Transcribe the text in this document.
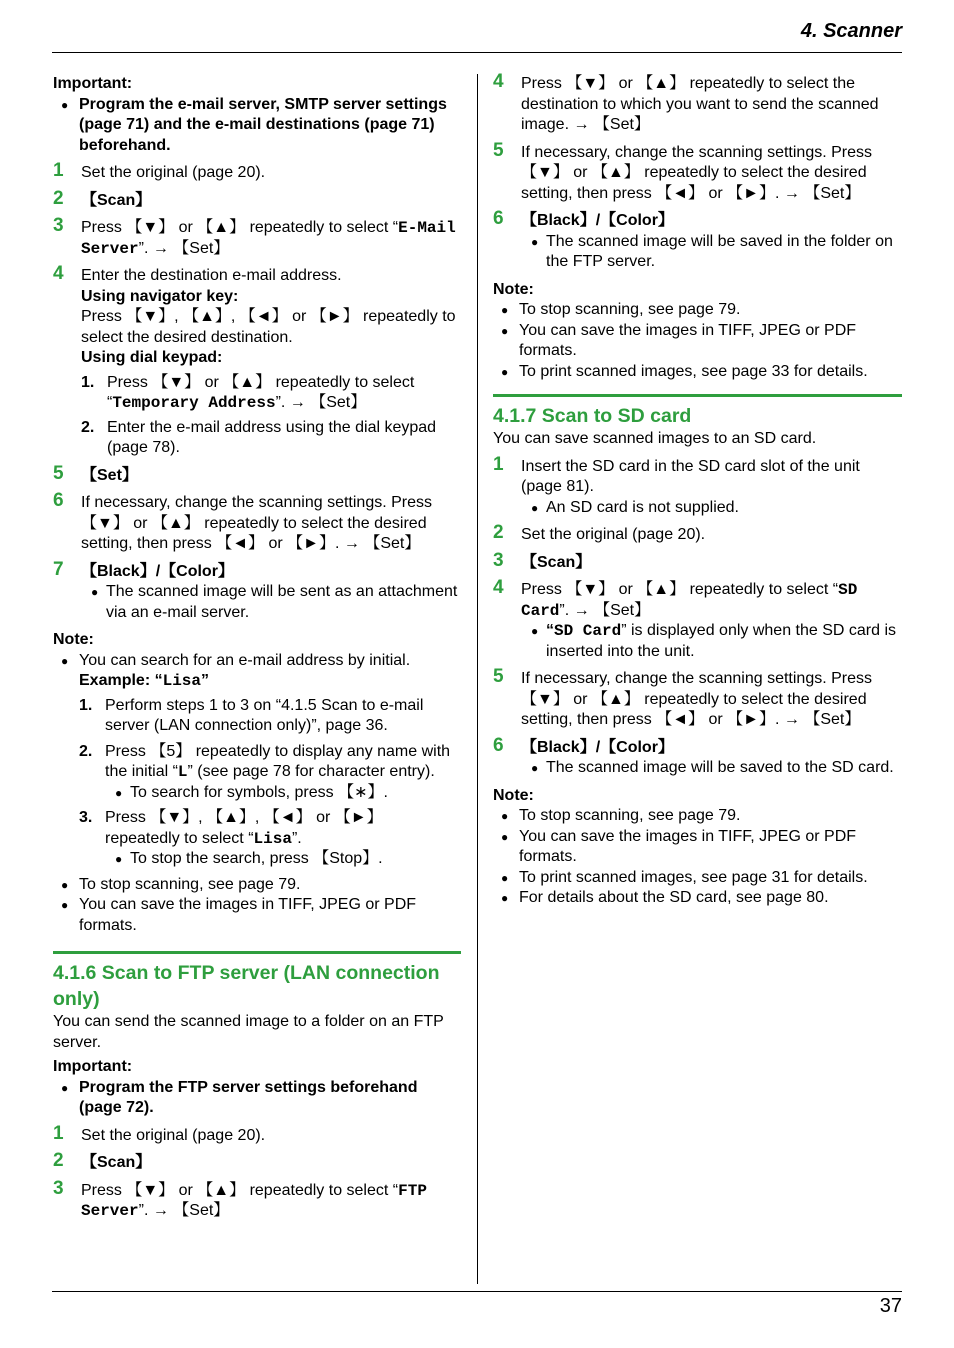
4. Scanner
37

Important:

● Program the e-mail server, SMTP server settings (page 71) and the e-mail destinations (page 71) beforehand.

1 Set the original (page 20).

2 【Scan】

3 Press 【▼】 or 【▲】 repeatedly to select “E-Mail Server”. → 【Set】

4 Enter the destination e-mail address.

Using navigator key:

Press 【▼】, 【▲】, 【◄】 or 【►】 repeatedly to select the desired destination.

Using dial keypad:

1. Press 【▼】 or 【▲】 repeatedly to select “Temporary Address”. → 【Set】

2. Enter the e-mail address using the dial keypad (page 78).

5 【Set】

6 If necessary, change the scanning settings. Press 【▼】 or 【▲】 repeatedly to select the desired setting, then press 【◄】 or 【►】. → 【Set】

7 【Black】/【Color】

● The scanned image will be sent as an attachment via an e-mail server.

Note:

● You can search for an e-mail address by initial.

Example: “Lisa”

1. Perform steps 1 to 3 on “4.1.5 Scan to e-mail server (LAN connection only)”, page 36.

2. Press 【5】 repeatedly to display any name with the initial “L” (see page 78 for character entry).

● To search for symbols, press 【∗】.

3. Press 【▼】, 【▲】, 【◄】 or 【►】 repeatedly to select “Lisa”.

● To stop the search, press 【Stop】.

● To stop scanning, see page 79.

● You can save the images in TIFF, JPEG or PDF formats.

4.1.6 Scan to FTP server (LAN connection only)

You can send the scanned image to a folder on an FTP server.

Important:

● Program the FTP server settings beforehand (page 72).

1 Set the original (page 20).

2 【Scan】

3 Press 【▼】 or 【▲】 repeatedly to select “FTP Server”. → 【Set】

4 Press 【▼】 or 【▲】 repeatedly to select the destination to which you want to send the scanned image. → 【Set】

5 If necessary, change the scanning settings. Press 【▼】 or 【▲】 repeatedly to select the desired setting, then press 【◄】 or 【►】. → 【Set】

6 【Black】/【Color】

● The scanned image will be saved in the folder on the FTP server.

Note:

● To stop scanning, see page 79.

● You can save the images in TIFF, JPEG or PDF formats.

● To print scanned images, see page 33 for details.

4.1.7 Scan to SD card

You can save scanned images to an SD card.

1 Insert the SD card in the SD card slot of the unit (page 81).

● An SD card is not supplied.

2 Set the original (page 20).

3 【Scan】

4 Press 【▼】 or 【▲】 repeatedly to select “SD Card”. → 【Set】

● “SD Card” is displayed only when the SD card is inserted into the unit.

5 If necessary, change the scanning settings. Press 【▼】 or 【▲】 repeatedly to select the desired setting, then press 【◄】 or 【►】. → 【Set】

6 【Black】/【Color】

● The scanned image will be saved to the SD card.

Note:

● To stop scanning, see page 79.

● You can save the images in TIFF, JPEG or PDF formats.

● To print scanned images, see page 31 for details.

● For details about the SD card, see page 80.
